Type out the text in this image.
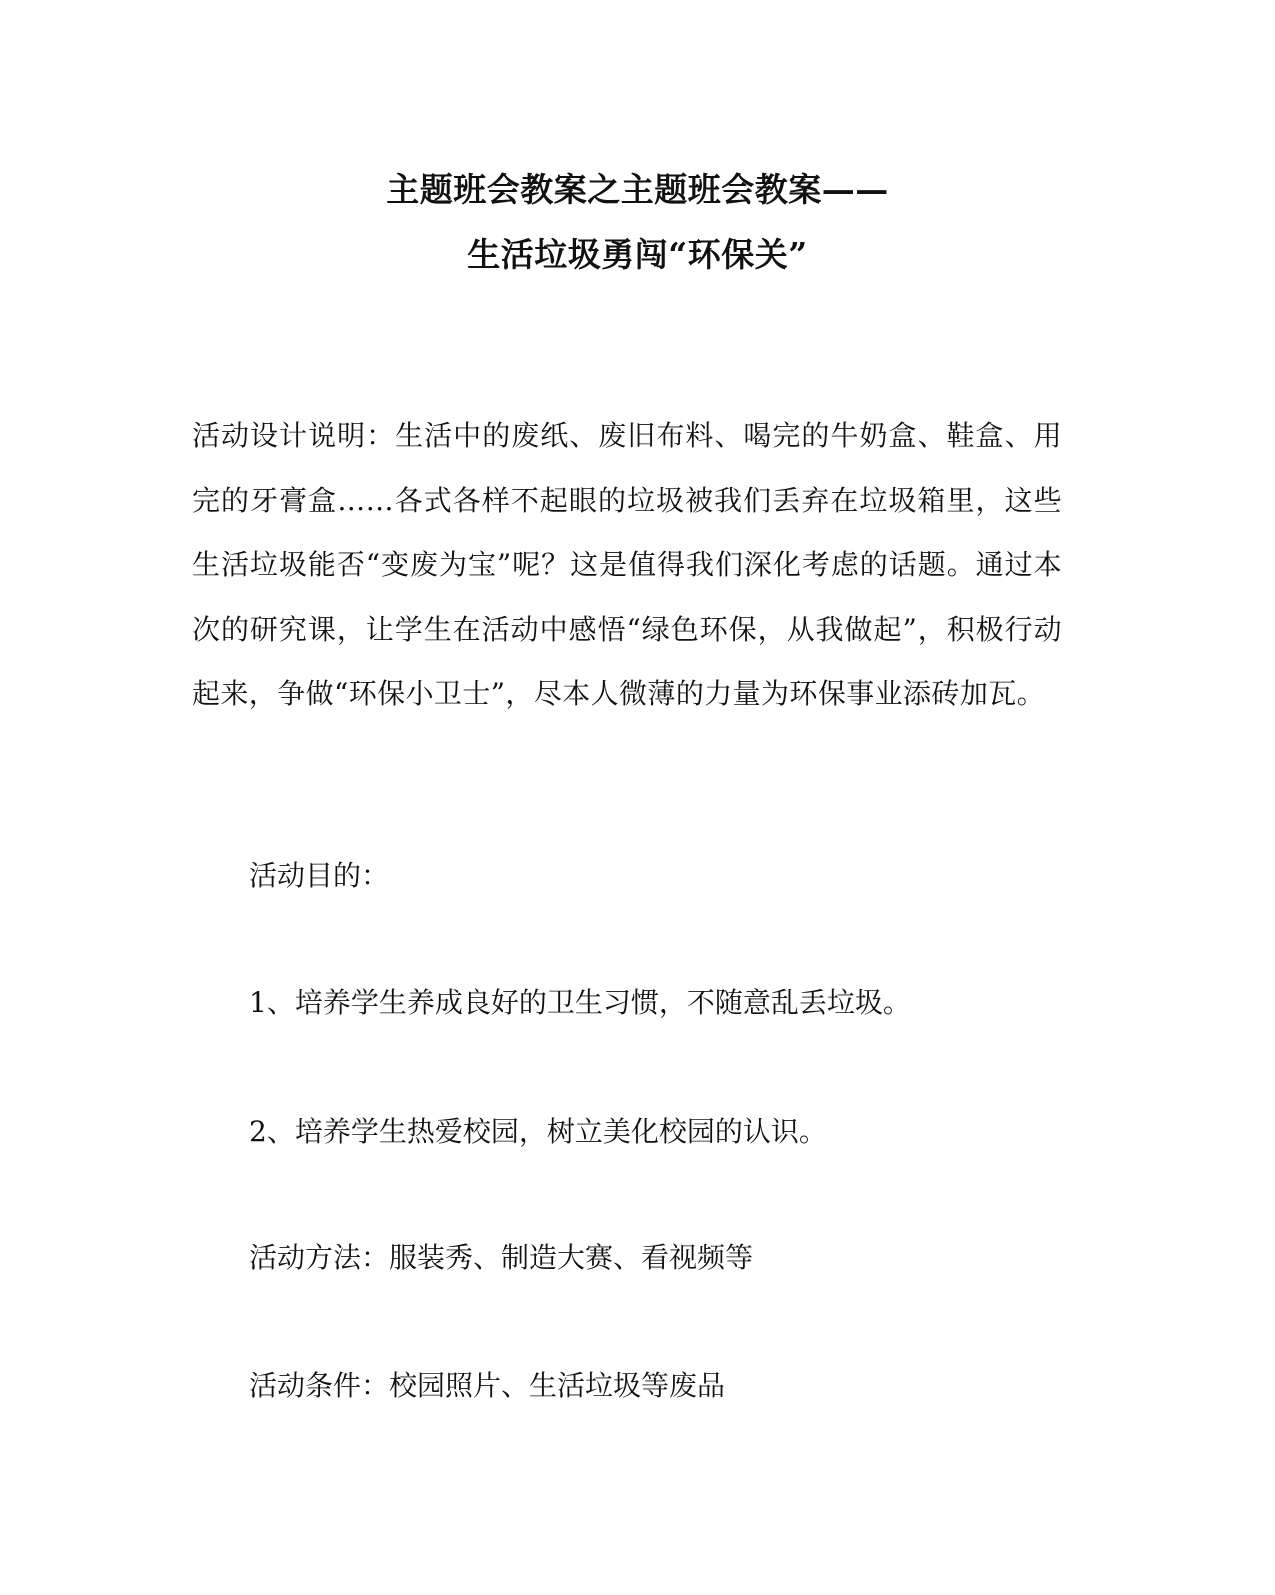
主题班会教案之主题班会教案——
生活垃圾勇闯“环保关”
活动设计说明：生活中的废纸、废旧布料、喝完的牛奶盒、鞋盒、用完的牙膏盒……各式各样不起眼的垃圾被我们丢弃在垃圾箱里，这些生活垃圾能否“变废为宝”呢？这是值得我们深化考虑的话题。通过本次的研究课，让学生在活动中感悟“绿色环保，从我做起”，积极行动起来，争做“环保小卫士”，尽本人微薄的力量为环保事业添砖加瓦。
活动目的：
1、培养学生养成良好的卫生习惯，不随意乱丢垃圾。
2、培养学生热爱校园，树立美化校园的认识。
活动方法：服装秀、制造大赛、看视频等
活动条件：校园照片、生活垃圾等废品
